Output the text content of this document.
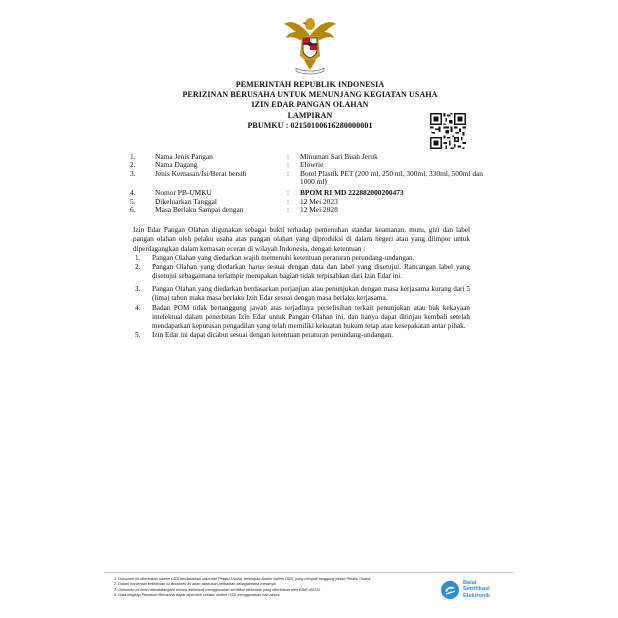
PEMERINTAH REPUBLIK INDONESIA
PERIZINAN BERUSAHA UNTUK MENUNJANG KEGIATAN USAHA
IZIN EDAR PANGAN OLAHAN
LAMPIRAN
PBUMKU : 02150100616280000001
1.	Nama Jenis Pangan	: Minuman Sari Buah Jeruk
2.	Nama Dagang	: Elowrie
3.	Jenis Kemasan/Isi/Berat bersih	: Botol Plastik PET (200 ml, 250 ml, 300ml, 330ml, 500ml dan 1000 ml)
4.	Nomor PB-UMKU	: BPOM RI MD 222882000200473
5.	Dikeluarkan Tanggal	: 12 Mei 2023
6.	Masa Berlaku Sampai dengan	: 12 Mei 2028

Izin Edar Pangan Olahan digunakan sebagai bukti terhadap pemenuhan standar keamanan, mutu, gizi dan label pangan olahan oleh pelaku usaha atas pangan olahan yang diproduksi di dalam negeri atau yang diimpor untuk diperdagangkan dalam kemasan eceran di wilayah Indonesia, dengan ketentuan :

1. Pangan Olahan yang diedarkan wajib memenuhi ketentuan peraturan perundang-undangan.
2. Pangan Olahan yang diedarkan harus sesuai dengan data dan label yang disetujui. Rancangan label yang disetujui sebagaimana terlampir merupakan bagian tidak terpisahkan dari Izin Edar ini.
3. Pangan Olahan yang diedarkan berdasarkan perjanjian atau penunjukan dengan masa kerjasama kurang dari 5 (lima) tahun maka masa berlaku Izin Edar sesuai dengan masa berlaku kerjasama.
4. Badan POM tidak bertanggung jawab atas terjadinya perselisihan terkait penunjukan atau hak kekayaan intelektual dalam penerbitan Izin Edar untuk Pangan Olahan ini, dan hanya dapat ditinjau kembali setelah mendapatkan keputusan pengadilan yang telah memiliki kekuatan hukum tetap atau kesepakatan antar pihak.
5. Izin Edar ini dapat dicabut sesuai dengan ketentuan peraturan perundang-undangan.
1. Dokumen ini diterbitkan sistem OSS berdasarkan data dari Pelaku Usaha, tersimpan dalam sistem OSS, yang menjadi tanggung jawab Pelaku Usaha.
2. Dalam hal terjadi kekeliruan isi dokumen ini akan dilakukan perbaikan sebagaimana mestinya.
3. Dokumen ini telah ditandatangani secara elektronik menggunakan sertifikat elektronik yang diterbitkan oleh BSrE-BSSN.
4. Data lengkap Perizinan Berusaha dapat diperoleh melalui sistem OSS menggunakan hak akses.
Balai
Sertifikasi
Elektronik
